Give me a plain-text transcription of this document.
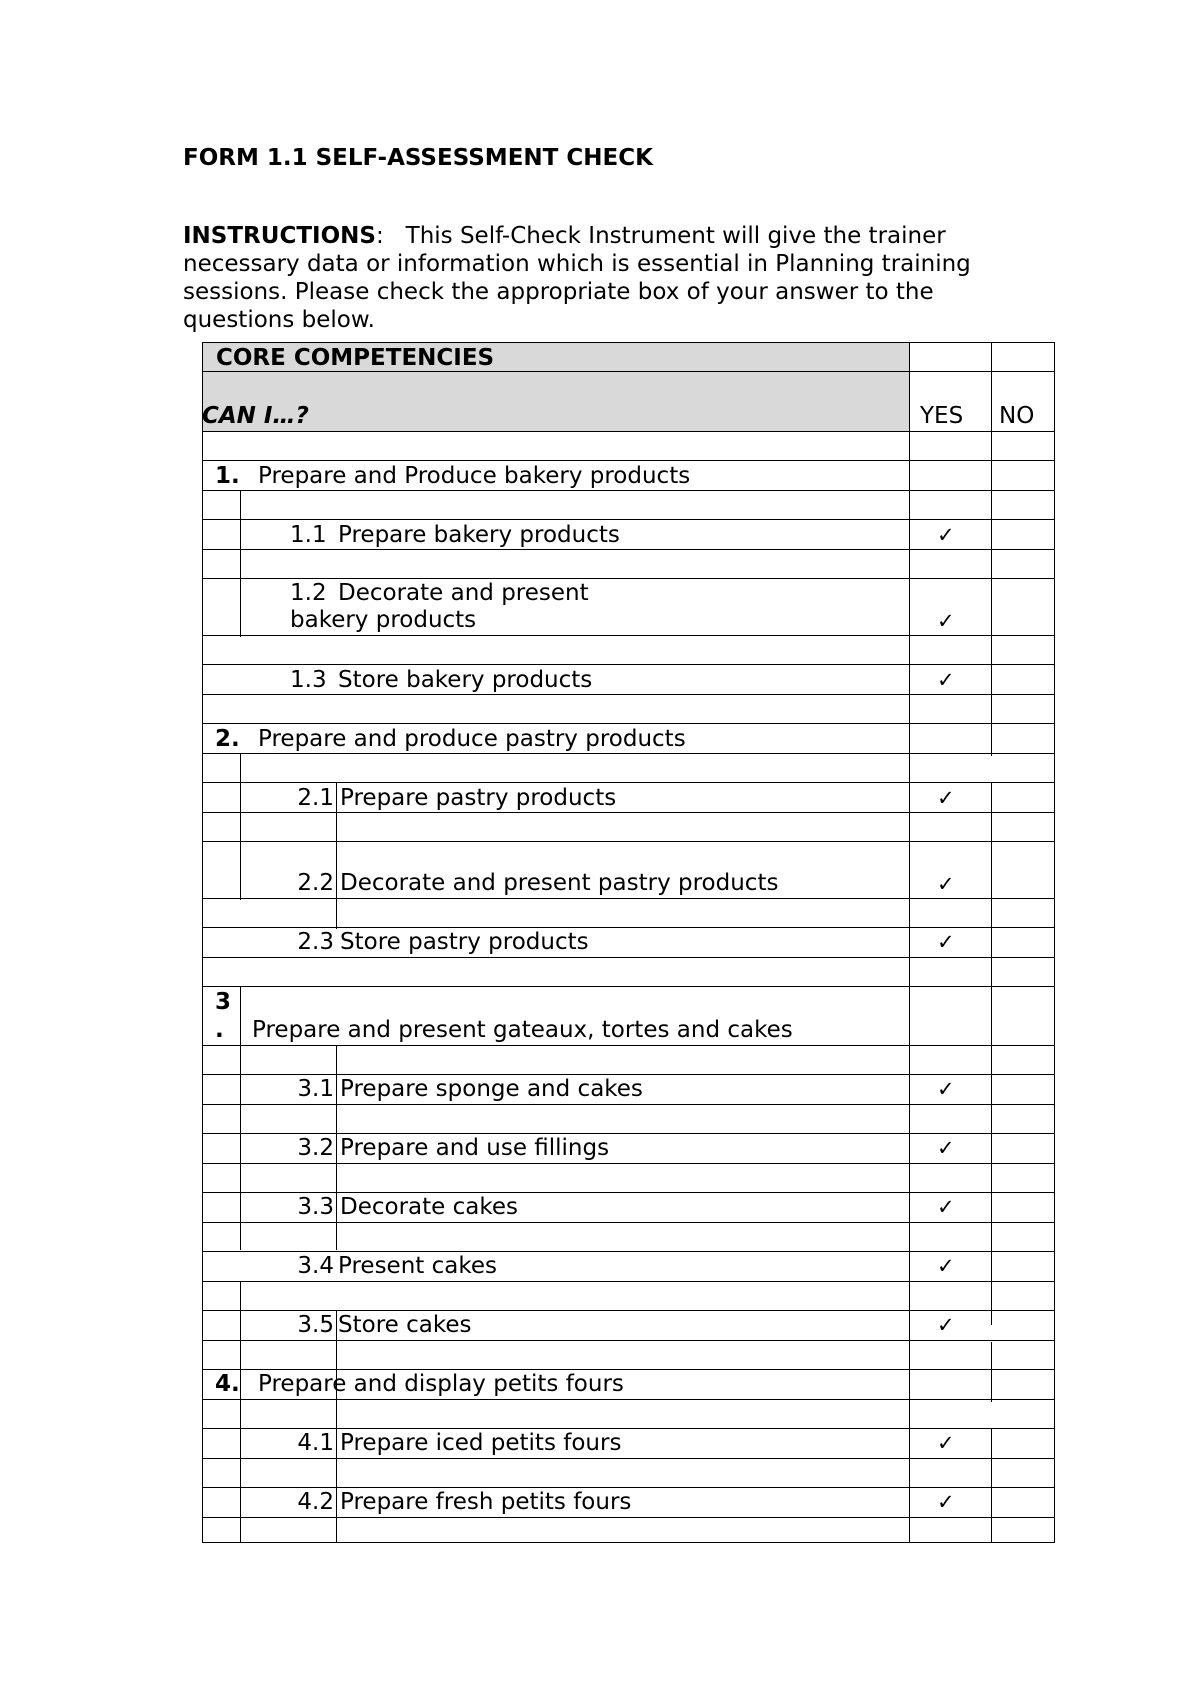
FORM 1.1 SELF-ASSESSMENT CHECK
INSTRUCTIONS:   This Self-Check Instrument will give the trainer necessary data or information which is essential in Planning training sessions. Please check the appropriate box of your answer to the questions below.
CORE COMPETENCIES
CAN I…?	YES NO
1. Prepare and Produce bakery products
1.1 Prepare bakery products	✓
1.2 Decorate and present
bakery products	✓
1.3 Store bakery products	✓
2. Prepare and produce pastry products
2.1 Prepare pastry products	✓
2.2 Decorate and present pastry products	✓
2.3 Store pastry products	✓
3
. Prepare and present gateaux, tortes and cakes
3.1 Prepare sponge and cakes	✓
3.2 Prepare and use fillings	✓
3.3 Decorate cakes	✓
3.4 Present cakes	✓
3.5 Store cakes	✓
4. Prepare and display petits fours
4.1 Prepare iced petits fours	✓
4.2 Prepare fresh petits fours	✓
